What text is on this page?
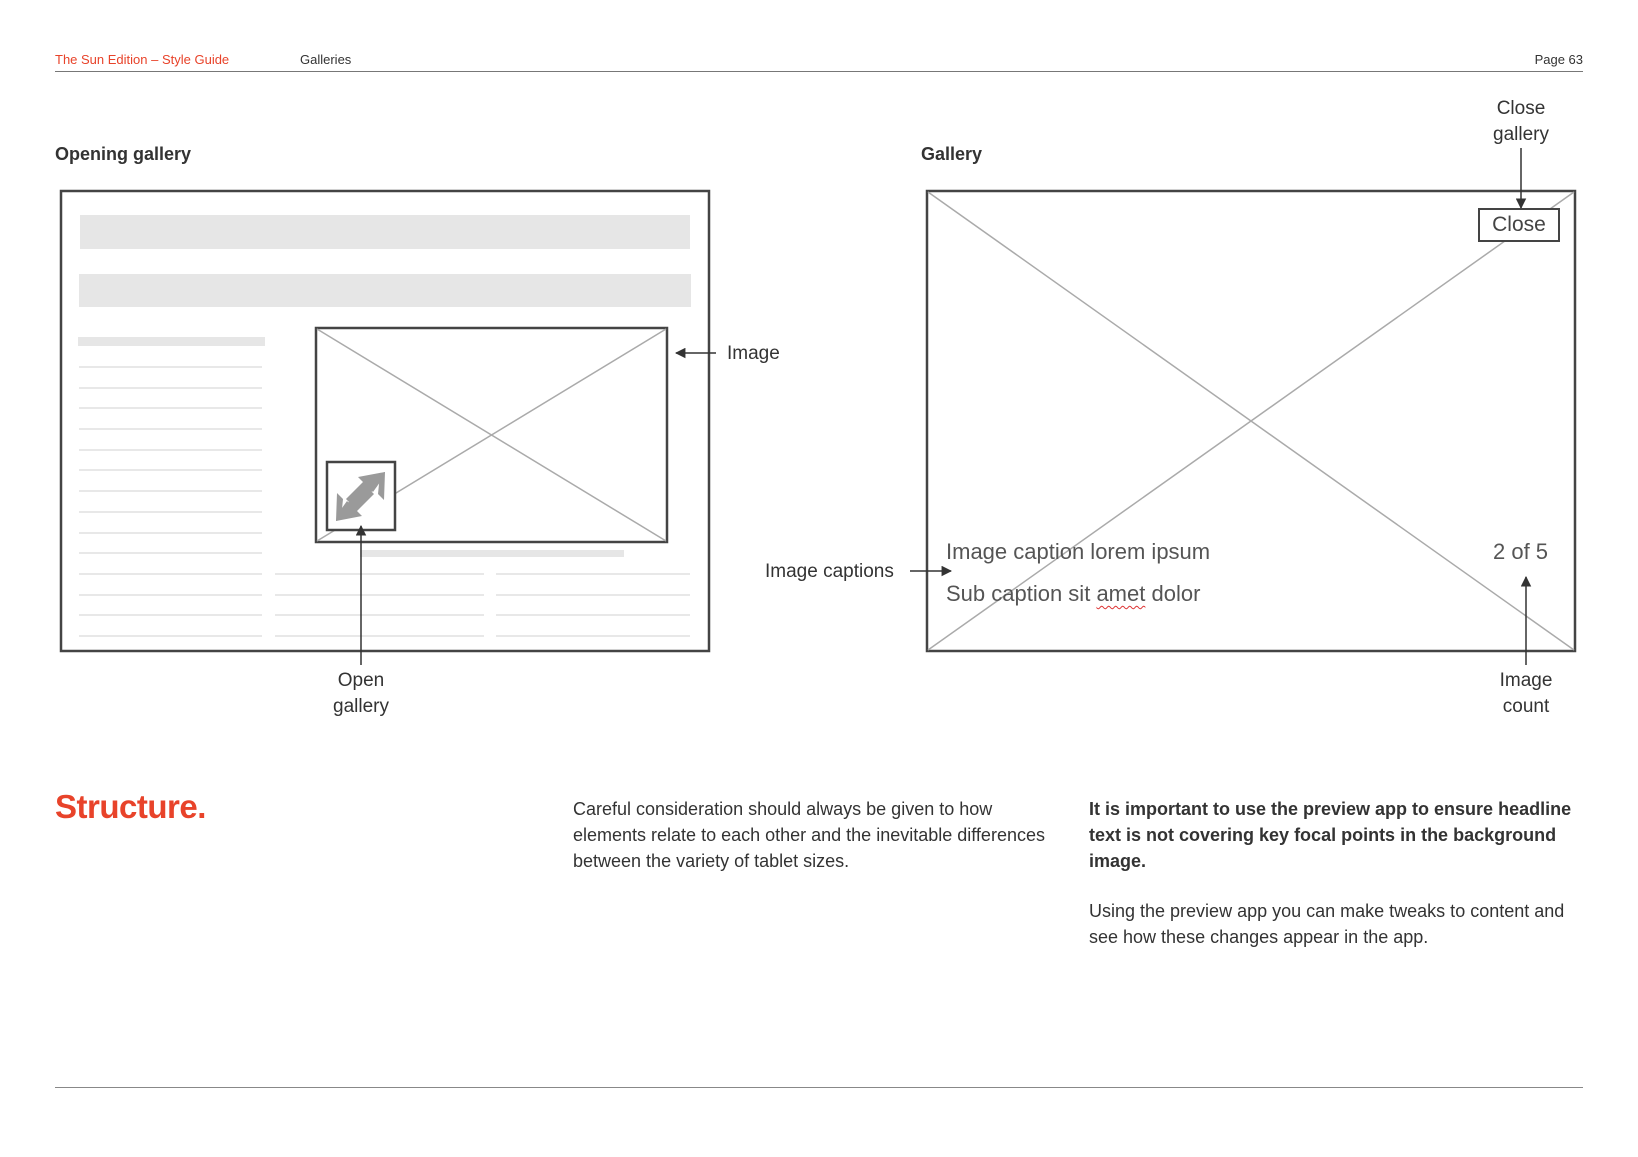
The Sun Edition – Style Guide	Galleries	Page 63
Opening gallery	Gallery
Image
Open
gallery
Close
Image caption lorem ipsum
Sub caption sit amet dolor
2 of 5
Close
gallery
Image captions
Image
count
Structure.	Careful consideration should always be given to how elements relate to each other and the inevitable differences between the variety of tablet sizes.

It is important to use the preview app to ensure headline text is not covering key focal points in the background image.

Using the preview app you can make tweaks to content and see how these changes appear in the app.
